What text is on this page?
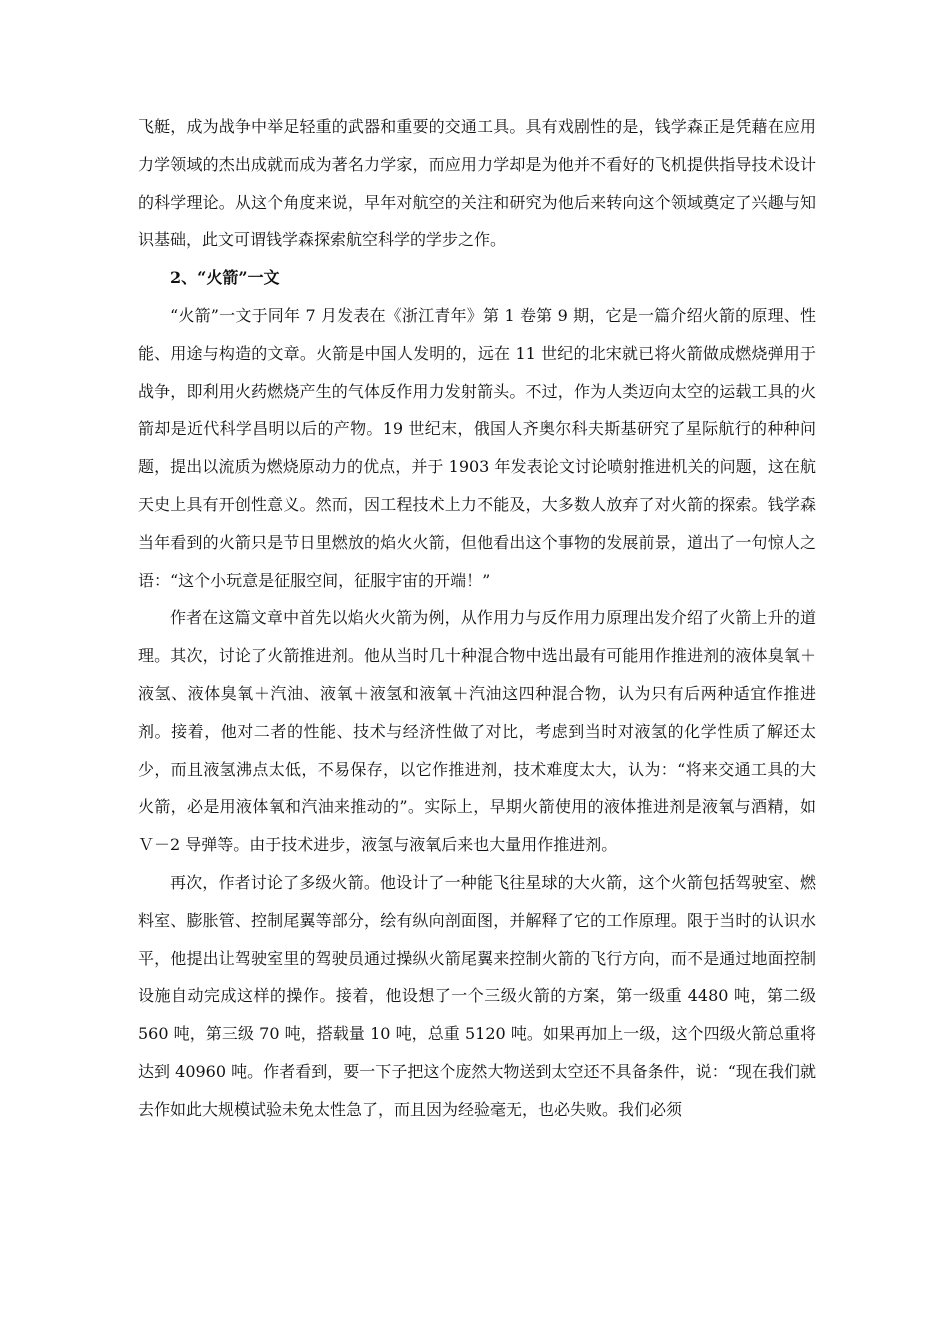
飞艇，成为战争中举足轻重的武器和重要的交通工具。具有戏剧性的是，钱学森正是凭藉在应用力学领域的杰出成就而成为著名力学家，而应用力学却是为他并不看好的飞机提供指导技术设计的科学理论。从这个角度来说，早年对航空的关注和研究为他后来转向这个领域奠定了兴趣与知识基础，此文可谓钱学森探索航空科学的学步之作。

2、“火箭”一文

“火箭”一文于同年 7 月发表在《浙江青年》第 1 卷第 9 期，它是一篇介绍火箭的原理、性能、用途与构造的文章。火箭是中国人发明的，远在 11 世纪的北宋就已将火箭做成燃烧弹用于战争，即利用火药燃烧产生的气体反作用力发射箭头。不过，作为人类迈向太空的运载工具的火箭却是近代科学昌明以后的产物。19 世纪末，俄国人齐奥尔科夫斯基研究了星际航行的种种问题，提出以流质为燃烧原动力的优点，并于 1903 年发表论文讨论喷射推进机关的问题，这在航天史上具有开创性意义。然而，因工程技术上力不能及，大多数人放弃了对火箭的探索。钱学森当年看到的火箭只是节日里燃放的焰火火箭，但他看出这个事物的发展前景，道出了一句惊人之语：“这个小玩意是征服空间，征服宇宙的开端！”

作者在这篇文章中首先以焰火火箭为例，从作用力与反作用力原理出发介绍了火箭上升的道理。其次，讨论了火箭推进剂。他从当时几十种混合物中选出最有可能用作推进剂的液体臭氧＋液氢、液体臭氧＋汽油、液氧＋液氢和液氧＋汽油这四种混合物，认为只有后两种适宜作推进剂。接着，他对二者的性能、技术与经济性做了对比，考虑到当时对液氢的化学性质了解还太少，而且液氢沸点太低，不易保存，以它作推进剂，技术难度太大，认为：“将来交通工具的大火箭，必是用液体氧和汽油来推动的”。实际上，早期火箭使用的液体推进剂是液氧与酒精，如Ｖ－2 导弹等。由于技术进步，液氢与液氧后来也大量用作推进剂。

再次，作者讨论了多级火箭。他设计了一种能飞往星球的大火箭，这个火箭包括驾驶室、燃料室、膨胀管、控制尾翼等部分，绘有纵向剖面图，并解释了它的工作原理。限于当时的认识水平，他提出让驾驶室里的驾驶员通过操纵火箭尾翼来控制火箭的飞行方向，而不是通过地面控制设施自动完成这样的操作。接着，他设想了一个三级火箭的方案，第一级重 4480 吨，第二级 560 吨，第三级 70 吨，搭载量 10 吨，总重 5120 吨。如果再加上一级，这个四级火箭总重将达到 40960 吨。作者看到，要一下子把这个庞然大物送到太空还不具备条件，说：“现在我们就去作如此大规模试验未免太性急了，而且因为经验毫无，也必失败。我们必须
